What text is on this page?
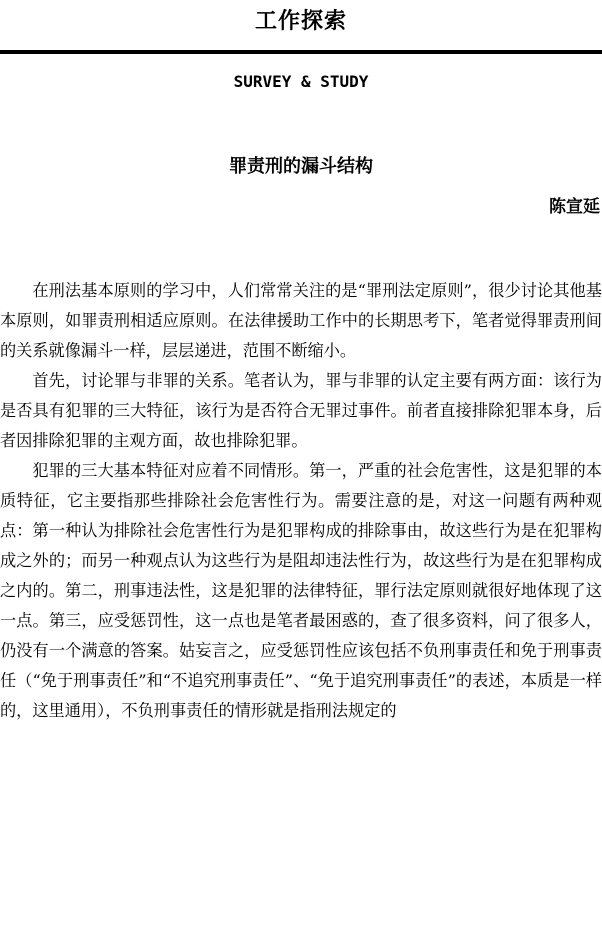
工作探索
SURVEY & STUDY
罪责刑的漏斗结构
陈宣延

在刑法基本原则的学习中，人们常常关注的是“罪刑法定原则”，很少讨论其他基本原则，如罪责刑相适应原则。在法律援助工作中的长期思考下，笔者觉得罪责刑间的关系就像漏斗一样，层层递进，范围不断缩小。

首先，讨论罪与非罪的关系。笔者认为，罪与非罪的认定主要有两方面：该行为是否具有犯罪的三大特征，该行为是否符合无罪过事件。前者直接排除犯罪本身，后者因排除犯罪的主观方面，故也排除犯罪。

犯罪的三大基本特征对应着不同情形。第一，严重的社会危害性，这是犯罪的本质特征，它主要指那些排除社会危害性行为。需要注意的是，对这一问题有两种观点：第一种认为排除社会危害性行为是犯罪构成的排除事由，故这些行为是在犯罪构成之外的；而另一种观点认为这些行为是阻却违法性行为，故这些行为是在犯罪构成之内的。第二，刑事违法性，这是犯罪的法律特征，罪行法定原则就很好地体现了这一点。第三，应受惩罚性，这一点也是笔者最困惑的，查了很多资料，问了很多人，仍没有一个满意的答案。姑妄言之，应受惩罚性应该包括不负刑事责任和免于刑事责任（“免于刑事责任”和“不追究刑事责任”、“免于追究刑事责任”的表述，本质是一样的，这里通用），不负刑事责任的情形就是指刑法规定的
